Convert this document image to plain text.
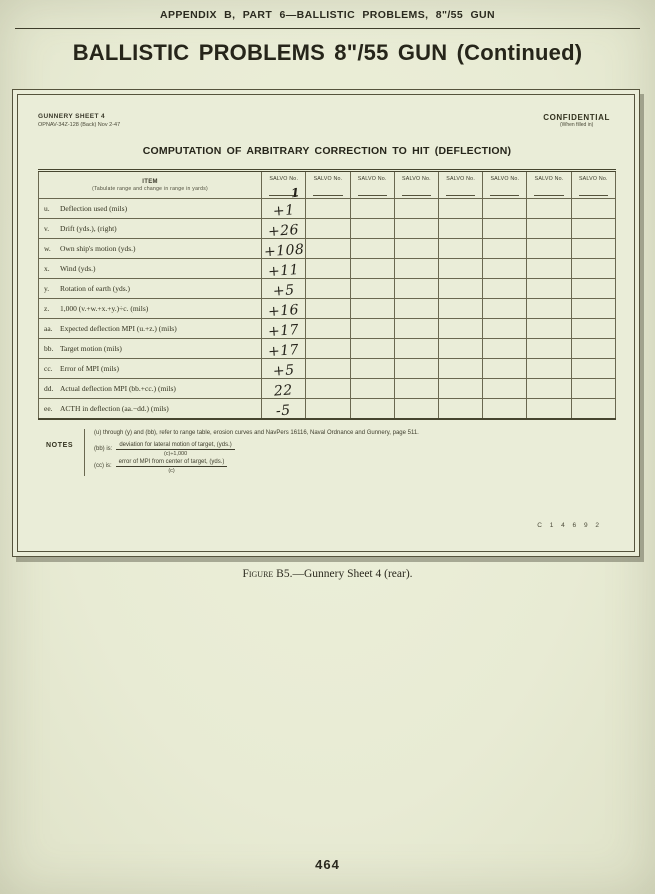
APPENDIX B, PART 6—BALLISTIC PROBLEMS, 8"/55 GUN
BALLISTIC PROBLEMS 8"/55 GUN (Continued)
GUNNERY SHEET 4
OPNAV-34Z-128 (Back) Nov 2-47
CONFIDENTIAL
(When filled in)
COMPUTATION OF ARBITRARY CORRECTION TO HIT (DEFLECTION)
ITEM
(Tabulate range and change in range in yards)

SALVO No.
1

SALVO No.	SALVO No.	SALVO No.	SALVO No.	SALVO No.	SALVO No.	SALVO No.

u. Deflection used (mils)	+1							
v. Drift (yds.), (right)	+26							
w. Own ship's motion (yds.)	+108							
x. Wind (yds.)	+11							
y. Rotation of earth (yds.)	+5							
z. 1,000 (v.+w.+x.+y.)÷c. (mils)	+16							
aa. Expected deflection MPI (u.+z.) (mils)	+17							
bb. Target motion (mils)	+17							
cc. Error of MPI (mils)	+5							
dd. Actual deflection MPI (bb.+cc.) (mils)	22							
ee. ACTH in deflection (aa.−dd.) (mils)	-5							
NOTES
(u) through (y) and (bb), refer to range table, erosion curves and NavPers 16116, Naval Ordnance and Gunnery, page 511.
(bb) is: $\frac{\text{deviation for lateral motion of target, (yds.)}}{(c)\div 1,000}$
(cc) is: $\frac{\text{error of MPI from center of target, (yds.)}}{(c)}$
C 1 4 6 9 2
Figure B5.—Gunnery Sheet 4 (rear).
464
